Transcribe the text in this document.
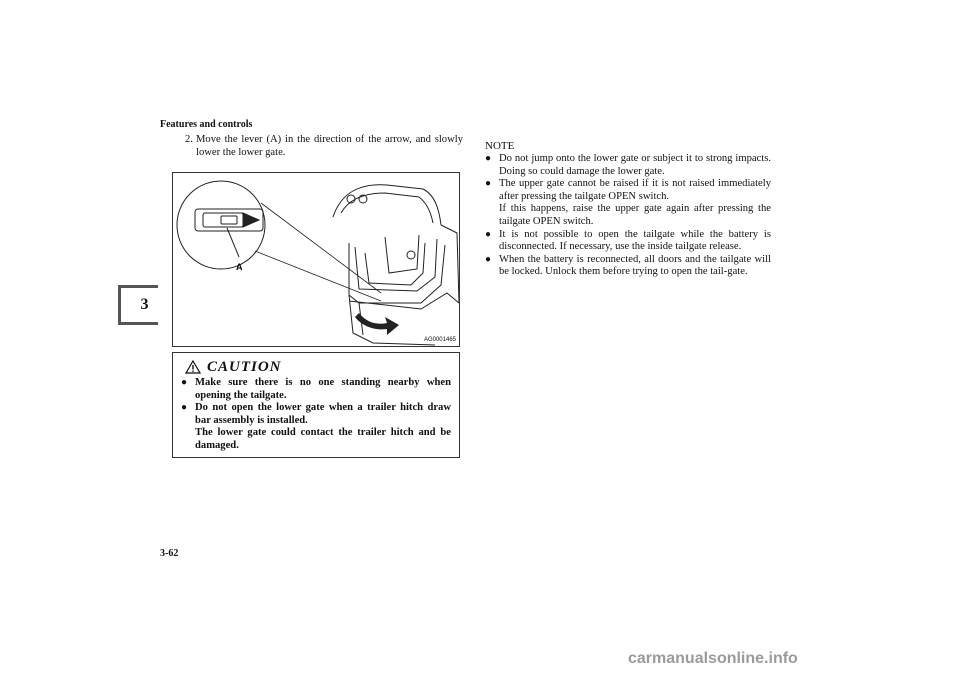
Features and controls
3
2. Move the lever (A) in the direction of the arrow, and slowly lower the lower gate.
A
AG0001465
CAUTION
● Make sure there is no one standing nearby when opening the tailgate.
● Do not open the lower gate when a trailer hitch draw bar assembly is installed.
The lower gate could contact the trailer hitch and be damaged.
NOTE
● Do not jump onto the lower gate or subject it to strong impacts. Doing so could damage the lower gate.
● The upper gate cannot be raised if it is not raised immediately after pressing the tailgate OPEN switch.
If this happens, raise the upper gate again after pressing the tailgate OPEN switch.
● It is not possible to open the tailgate while the battery is disconnected. If necessary, use the inside tailgate release.
● When the battery is reconnected, all doors and the tailgate will be locked. Unlock them before trying to open the tail-gate.
3-62
carmanualsonline.info
